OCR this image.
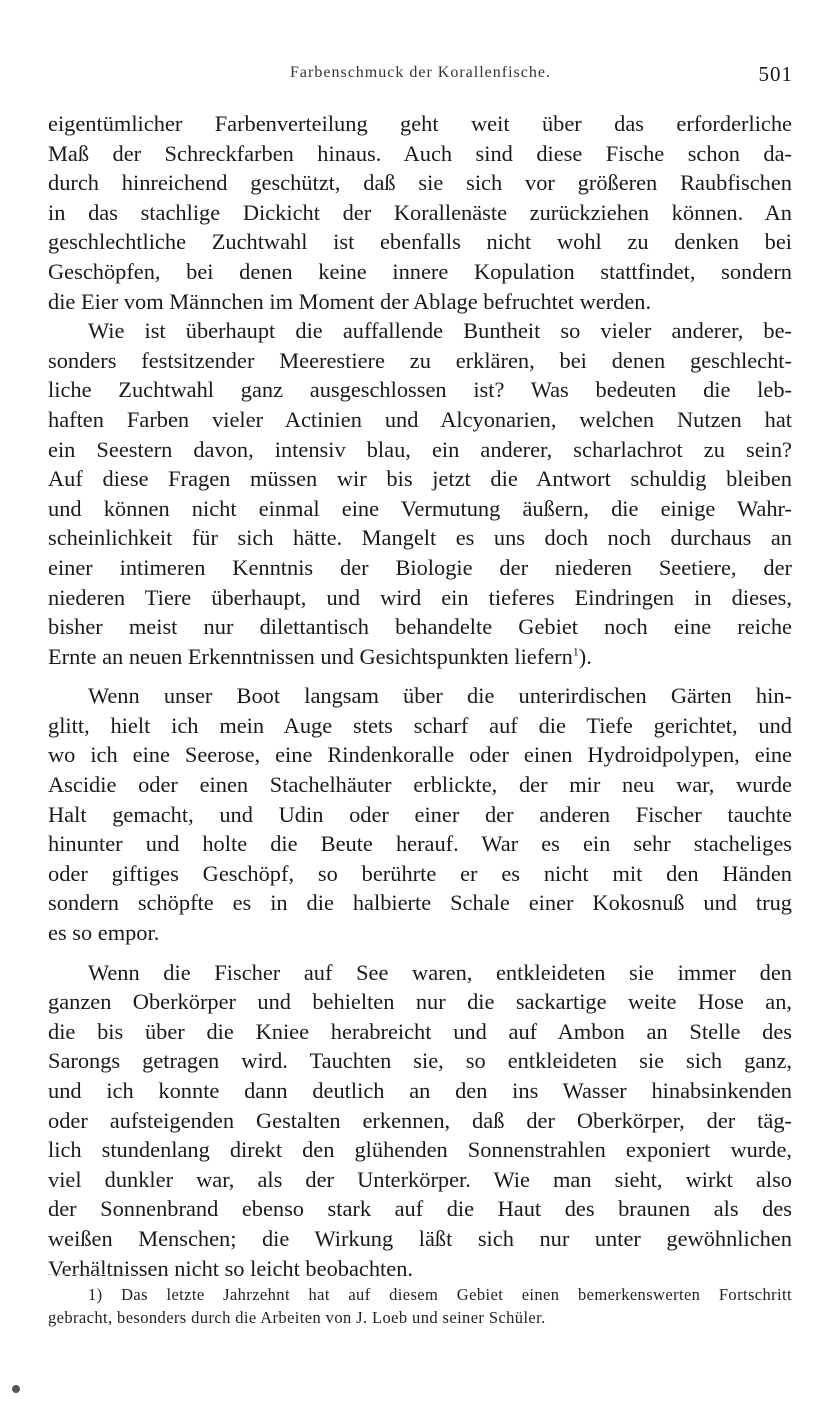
Farbenschmuck der Korallenfische.	501

eigentümlicher Farbenverteilung geht weit über das erforderliche
Maß der Schreckfarben hinaus. Auch sind diese Fische schon da-
durch hinreichend geschützt, daß sie sich vor größeren Raubfischen
in das stachlige Dickicht der Korallenäste zurückziehen können. An
geschlechtliche Zuchtwahl ist ebenfalls nicht wohl zu denken bei
Geschöpfen, bei denen keine innere Kopulation stattfindet, sondern
die Eier vom Männchen im Moment der Ablage befruchtet werden.

Wie ist überhaupt die auffallende Buntheit so vieler anderer, be-
sonders festsitzender Meerestiere zu erklären, bei denen geschlecht-
liche Zuchtwahl ganz ausgeschlossen ist? Was bedeuten die leb-
haften Farben vieler Actinien und Alcyonarien, welchen Nutzen hat
ein Seestern davon, intensiv blau, ein anderer, scharlachrot zu sein?
Auf diese Fragen müssen wir bis jetzt die Antwort schuldig bleiben
und können nicht einmal eine Vermutung äußern, die einige Wahr-
scheinlichkeit für sich hätte. Mangelt es uns doch noch durchaus an
einer intimeren Kenntnis der Biologie der niederen Seetiere, der
niederen Tiere überhaupt, und wird ein tieferes Eindringen in dieses,
bisher meist nur dilettantisch behandelte Gebiet noch eine reiche
Ernte an neuen Erkenntnissen und Gesichtspunkten liefern$^1$).

Wenn unser Boot langsam über die unterirdischen Gärten hin-
glitt, hielt ich mein Auge stets scharf auf die Tiefe gerichtet, und
wo ich eine Seerose, eine Rindenkoralle oder einen Hydroidpolypen, eine
Ascidie oder einen Stachelhäuter erblickte, der mir neu war, wurde
Halt gemacht, und Udin oder einer der anderen Fischer tauchte
hinunter und holte die Beute herauf. War es ein sehr stacheliges
oder giftiges Geschöpf, so berührte er es nicht mit den Händen
sondern schöpfte es in die halbierte Schale einer Kokosnuß und trug
es so empor.

Wenn die Fischer auf See waren, entkleideten sie immer den
ganzen Oberkörper und behielten nur die sackartige weite Hose an,
die bis über die Kniee herabreicht und auf Ambon an Stelle des
Sarongs getragen wird. Tauchten sie, so entkleideten sie sich ganz,
und ich konnte dann deutlich an den ins Wasser hinabsinkenden
oder aufsteigenden Gestalten erkennen, daß der Oberkörper, der täg-
lich stundenlang direkt den glühenden Sonnenstrahlen exponiert wurde,
viel dunkler war, als der Unterkörper. Wie man sieht, wirkt also
der Sonnenbrand ebenso stark auf die Haut des braunen als des
weißen Menschen; die Wirkung läßt sich nur unter gewöhnlichen
Verhältnissen nicht so leicht beobachten.

1) Das letzte Jahrzehnt hat auf diesem Gebiet einen bemerkenswerten Fortschritt
gebracht, besonders durch die Arbeiten von J. Loeb und seiner Schüler.
